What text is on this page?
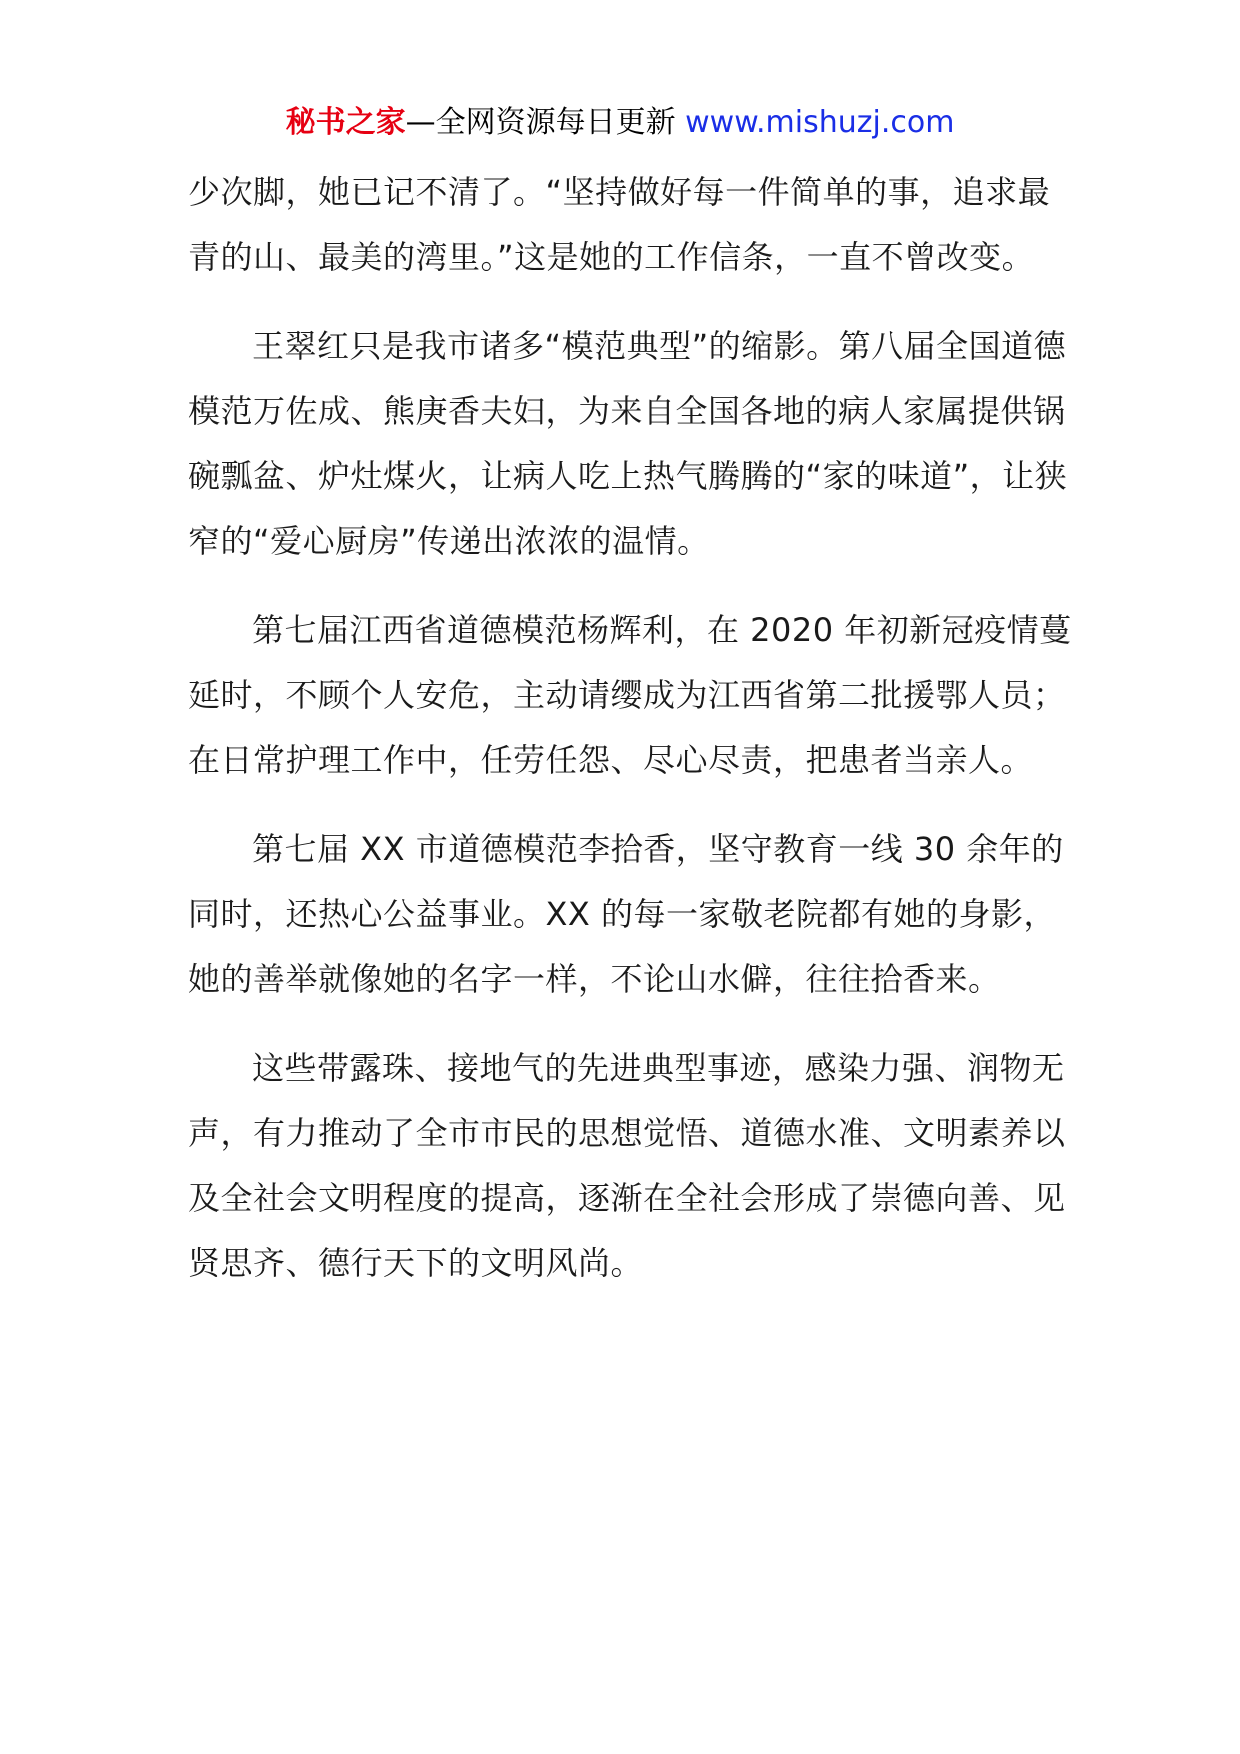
秘书之家—全网资源每日更新 www.mishuzj.com

少次脚，她已记不清了。“坚持做好每一件简单的事，追求最青的山、最美的湾里。”这是她的工作信条，一直不曾改变。

王翠红只是我市诸多“模范典型”的缩影。第八届全国道德模范万佐成、熊庚香夫妇，为来自全国各地的病人家属提供锅碗瓢盆、炉灶煤火，让病人吃上热气腾腾的“家的味道”，让狭窄的“爱心厨房”传递出浓浓的温情。

第七届江西省道德模范杨辉利，在 2020 年初新冠疫情蔓延时，不顾个人安危，主动请缨成为江西省第二批援鄂人员；在日常护理工作中，任劳任怨、尽心尽责，把患者当亲人。

第七届 XX 市道德模范李拾香，坚守教育一线 30 余年的同时，还热心公益事业。XX 的每一家敬老院都有她的身影，她的善举就像她的名字一样，不论山水僻，往往拾香来。

这些带露珠、接地气的先进典型事迹，感染力强、润物无声，有力推动了全市市民的思想觉悟、道德水准、文明素养以及全社会文明程度的提高，逐渐在全社会形成了崇德向善、见贤思齐、德行天下的文明风尚。
